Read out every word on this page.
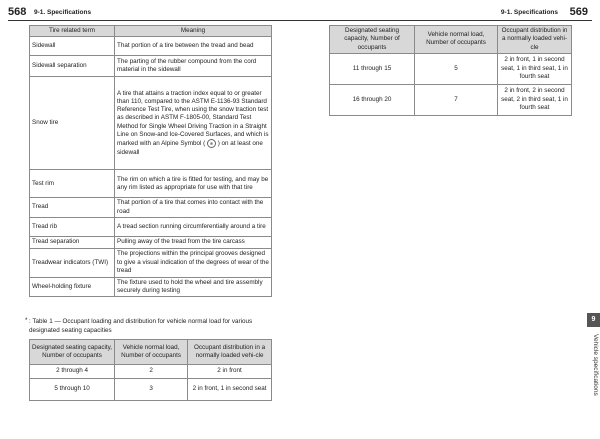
568 9-1. Specifications
Tire related term	Meaning
Sidewall	That portion of a tire between the tread and bead
Sidewall separation	The parting of the rubber compound from the cord material in the sidewall
Snow tire	A tire that attains a traction index equal to or greater than 110, compared to the ASTM E-1136-93 Standard Reference Test Tire, when using the snow traction test as described in ASTM F-1805-00, Standard Test Method for Single Wheel Driving Traction in a Straight Line on Snow-and Ice-Covered Surfaces, and which is marked with an Alpine Symbol ( ❄ ) on at least one sidewall
Test rim	The rim on which a tire is fitted for testing, and may be any rim listed as appropriate for use with that tire
Tread	That portion of a tire that comes into contact with the road
Tread rib	A tread section running circumferentially around a tire
Tread separation	Pulling away of the tread from the tire carcass
Treadwear indicators (TWI)	The projections within the principal grooves designed to give a visual indication of the degrees of wear of the tread
Wheel-holding fixture	The fixture used to hold the wheel and tire assembly securely during testing
* : Table 1 — Occupant loading and distribution for vehicle normal load for various designated seating capacities
Designated seating capacity, Number of occupants	Vehicle normal load, Number of occupants	Occupant distribution in a normally loaded vehi-cle
2 through 4	2	2 in front
5 through 10	3	2 in front, 1 in second seat
9-1. Specifications 569
Designated seating capacity, Number of occupants	Vehicle normal load, Number of occupants	Occupant distribution in a normally loaded vehi-cle
11 through 15	5	2 in front, 1 in second seat, 1 in third seat, 1 in fourth seat
16 through 20	7	2 in front, 2 in second seat, 2 in third seat, 1 in fourth seat
9
Vehicle specifications
